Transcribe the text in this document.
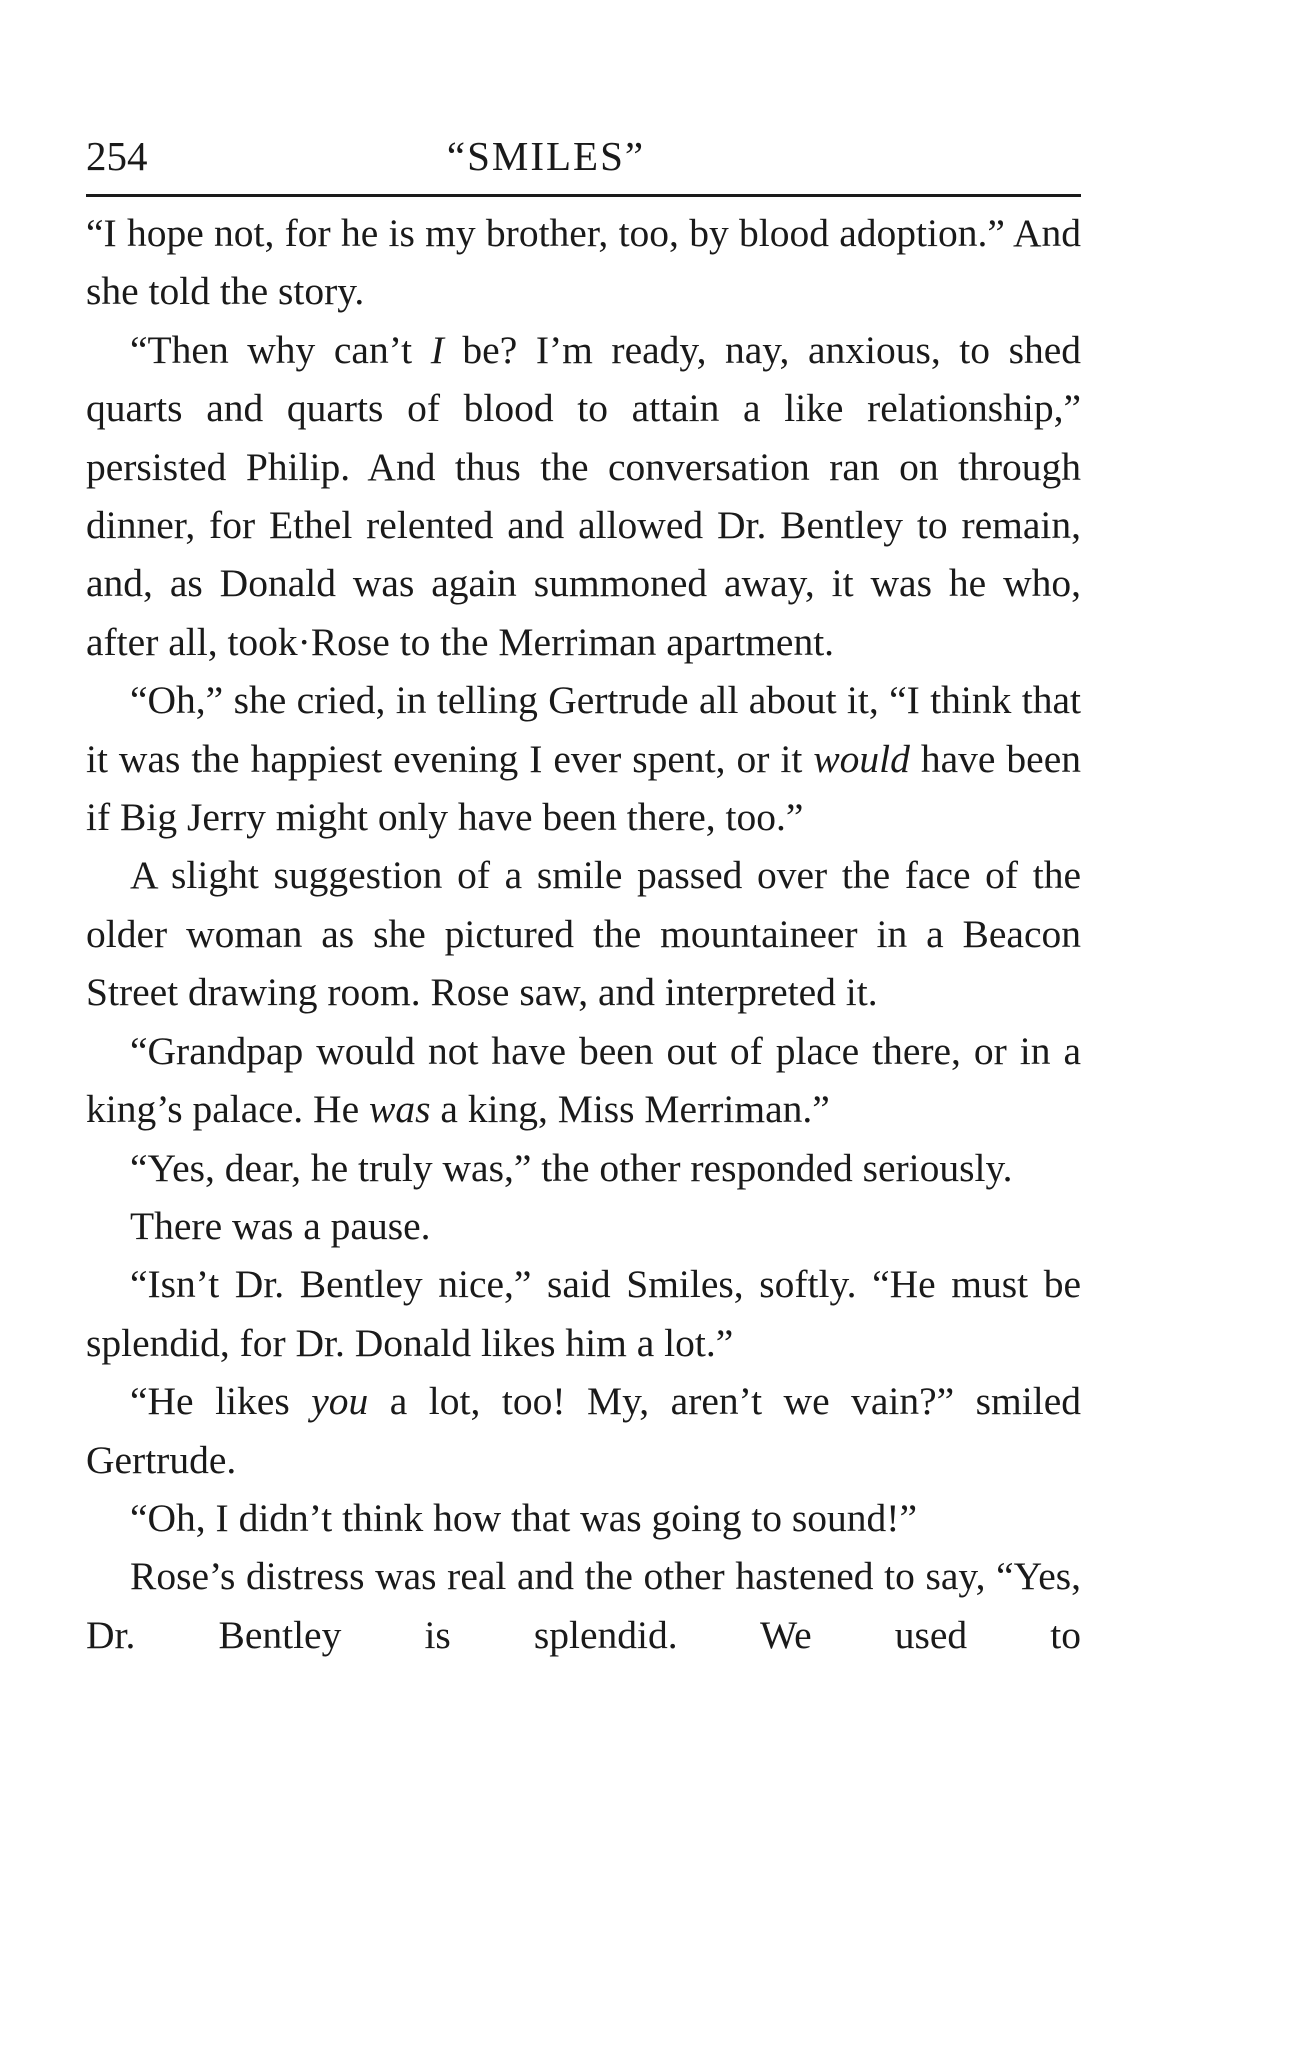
254	“SMILES”

“I hope not, for he is my brother, too, by blood adoption.” And she told the story.

“Then why can’t I be? I’m ready, nay, anxious, to shed quarts and quarts of blood to attain a like relationship,” persisted Philip. And thus the conversation ran on through dinner, for Ethel relented and allowed Dr. Bentley to remain, and, as Donald was again summoned away, it was he who, after all, took·Rose to the Merriman apartment.

“Oh,” she cried, in telling Gertrude all about it, “I think that it was the happiest evening I ever spent, or it would have been if Big Jerry might only have been there, too.”

A slight suggestion of a smile passed over the face of the older woman as she pictured the mountaineer in a Beacon Street drawing room. Rose saw, and interpreted it.

“Grandpap would not have been out of place there, or in a king’s palace. He was a king, Miss Merriman.”

“Yes, dear, he truly was,” the other responded seriously.

There was a pause.

“Isn’t Dr. Bentley nice,” said Smiles, softly. “He must be splendid, for Dr. Donald likes him a lot.”

“He likes you a lot, too! My, aren’t we vain?” smiled Gertrude.

“Oh, I didn’t think how that was going to sound!”

Rose’s distress was real and the other hastened to say, “Yes, Dr. Bentley is splendid. We used to
